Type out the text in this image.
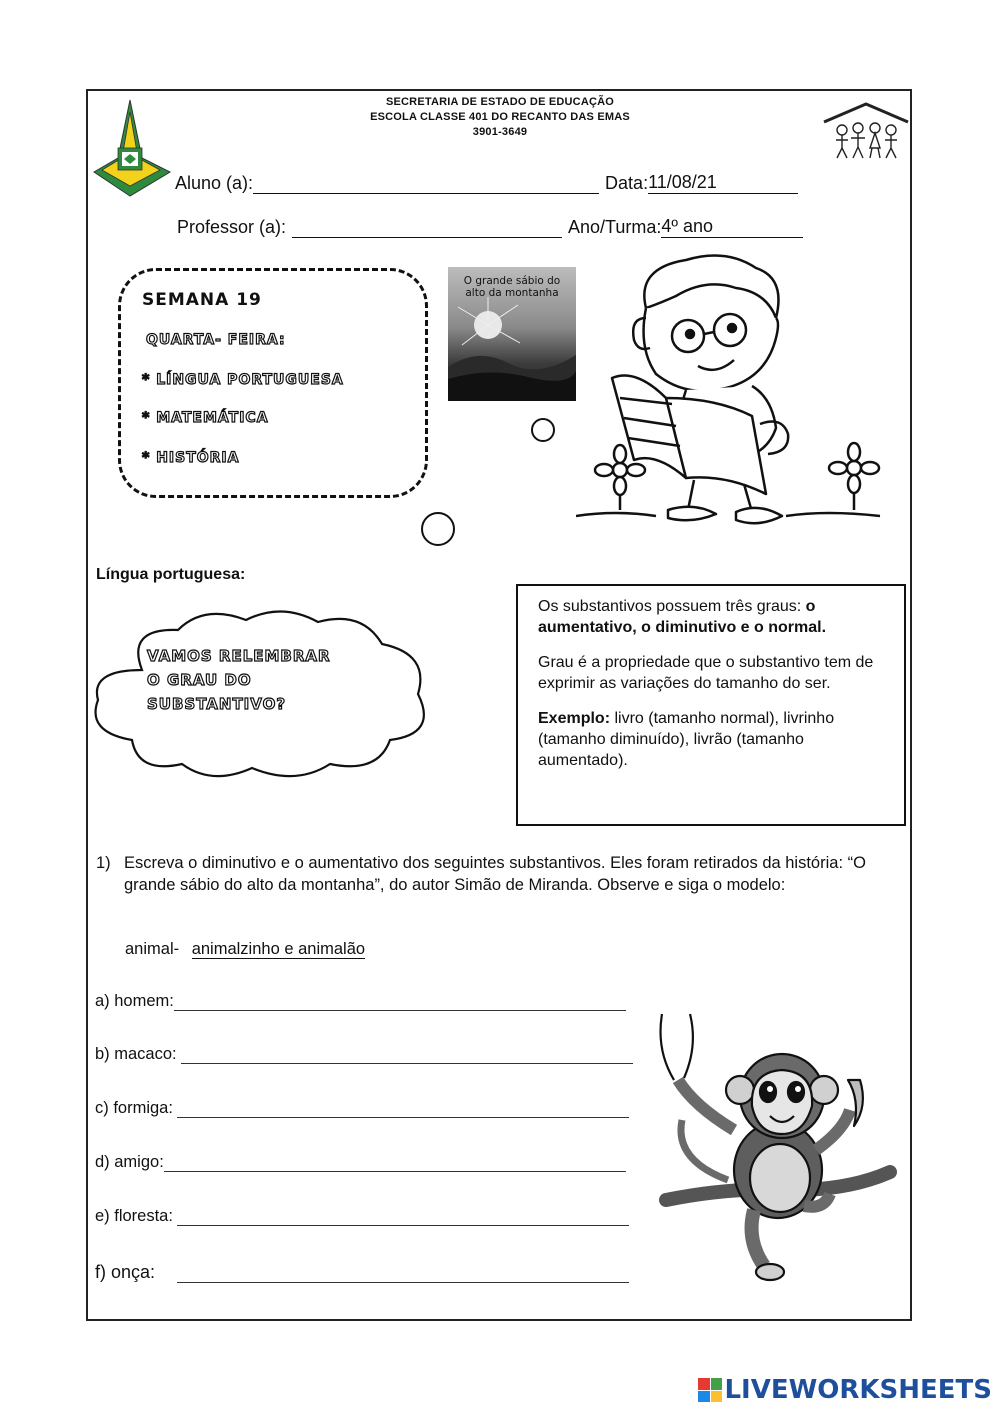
SECRETARIA DE ESTADO DE EDUCAÇÃO
ESCOLA CLASSE 401 DO RECANTO DAS EMAS
3901-3649
Aluno (a):	Data: 11/08/21
Professor (a):	Ano/Turma: 4º ano
SEMANA 19
QUARTA- FEIRA:
* LÍNGUA PORTUGUESA
* MATEMÁTICA
* HISTÓRIA
O grande sábio do
alto da montanha
Língua portuguesa:
VAMOS RELEMBRAR
O GRAU DO
SUBSTANTIVO?

Os substantivos possuem três graus: o aumentativo, o diminutivo e o normal.

Grau é a propriedade que o substantivo tem de exprimir as variações do tamanho do ser.

Exemplo: livro (tamanho normal), livrinho (tamanho diminuído), livrão (tamanho aumentado).

1) Escreva o diminutivo e o aumentativo dos seguintes substantivos. Eles foram retirados da história: “O grande sábio do alto da montanha”, do autor Simão de Miranda. Observe e siga o modelo:
animal- animalzinho e animalão
a) homem:
b) macaco:
c) formiga:
d) amigo:
e) floresta:
f) onça:
LIVEWORKSHEETS
